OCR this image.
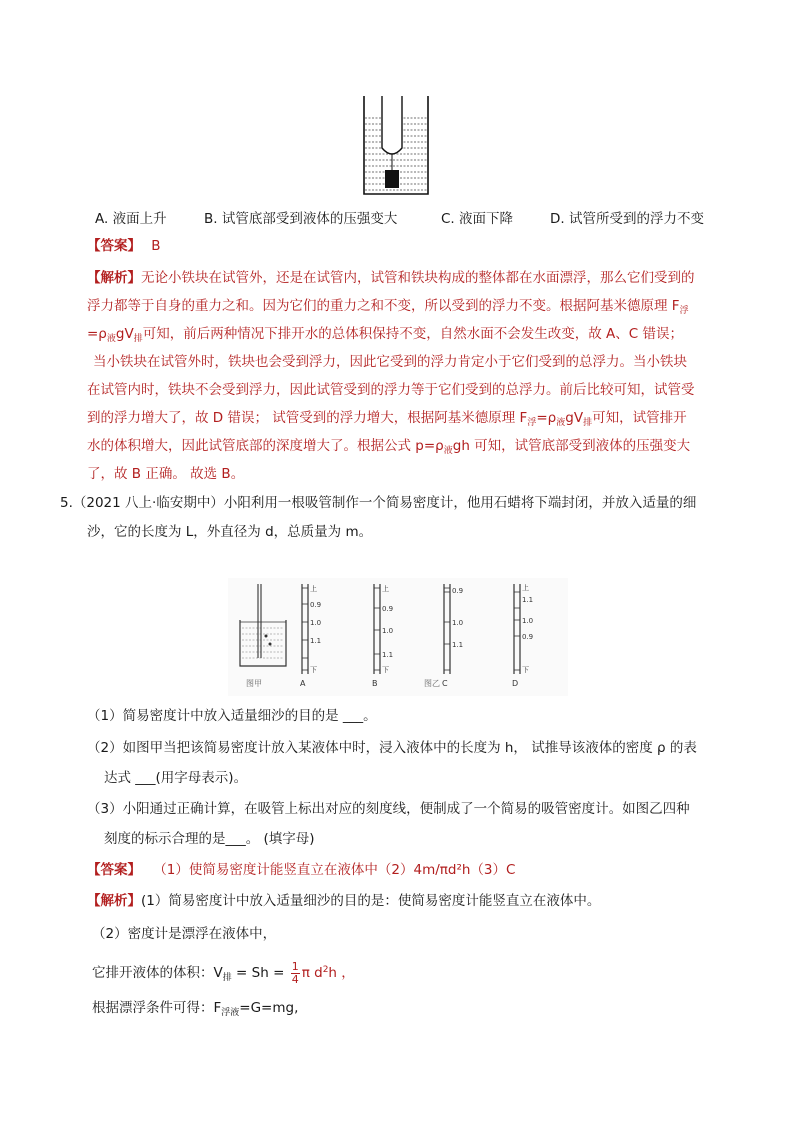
A. 液面上升	B. 试管底部受到液体的压强变大	C. 液面下降	D. 试管所受到的浮力不变
【答案】 B
【解析】无论小铁块在试管外，还是在试管内，试管和铁块构成的整体都在水面漂浮，那么它们受到的
浮力都等于自身的重力之和。因为它们的重力之和不变，所以受到的浮力不变。根据阿基米德原理 $F_浮$
$=\rho_液gV_排$可知，前后两种情况下排开水的总体积保持不变，自然水面不会发生改变，故 A、C 错误；
当小铁块在试管外时，铁块也会受到浮力，因此它受到的浮力肯定小于它们受到的总浮力。当小铁块
在试管内时，铁块不会受到浮力，因此试管受到的浮力等于它们受到的总浮力。前后比较可知，试管受
到的浮力增大了，故 D 错误； 试管受到的浮力增大，根据阿基米德原理 $F_浮=\rho_液gV_排$可知，试管排开
水的体积增大，因此试管底部的深度增大了。根据公式 $p=\rho_液gh$ 可知，试管底部受到液体的压强变大
了，故 B 正确。 故选 B。
5.（2021 八上·临安期中）小阳利用一根吸管制作一个简易密度计，他用石蜡将下端封闭，并放入适量的细
沙，它的长度为 L，外直径为 d，总质量为 m。
图甲
上
0.9
1.0
1.1
下
A
上
0.9
1.0
1.1
下
B	图乙
0.9
1.0
1.1
C
上
1.1
1.0
0.9
下
D
（1）简易密度计中放入适量细沙的目的是 ___。
（2）如图甲当把该简易密度计放入某液体中时，浸入液体中的长度为 h， 试推导该液体的密度 ρ 的表
达式 ___(用字母表示)。
（3）小阳通过正确计算，在吸管上标出对应的刻度线，便制成了一个简易的吸管密度计。如图乙四种
刻度的标示合理的是___。 (填字母)
【答案】 （1）使简易密度计能竖直立在液体中（2）4m/πd²h（3）C
【解析】(1）简易密度计中放入适量细沙的目的是：使简易密度计能竖直立在液体中。
（2）密度计是漂浮在液体中，
它排开液体的体积：$V_排 = Sh = \frac{1}{4}$ π $d^2h$ ，
根据漂浮条件可得：$F_{浮液}=G=mg$,
